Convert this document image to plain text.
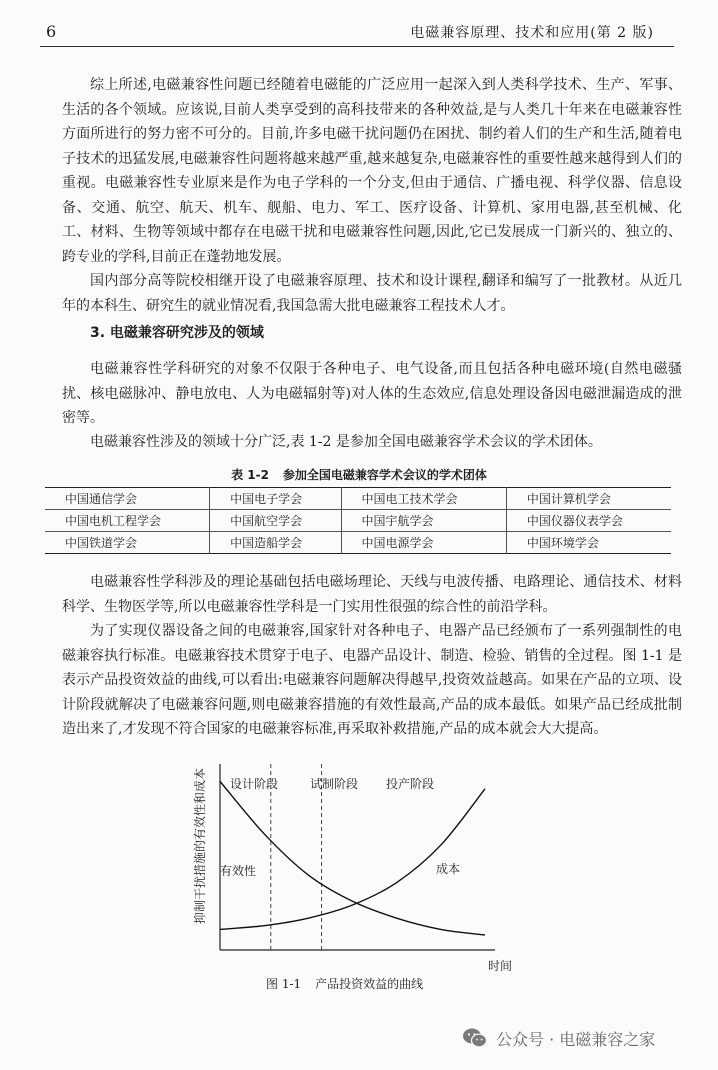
6	电磁兼容原理、技术和应用(第 2 版)

综上所述,电磁兼容性问题已经随着电磁能的广泛应用一起深入到人类科学技术、生产、军事、生活的各个领域。应该说,目前人类享受到的高科技带来的各种效益,是与人类几十年来在电磁兼容性方面所进行的努力密不可分的。目前,许多电磁干扰问题仍在困扰、制约着人们的生产和生活,随着电子技术的迅猛发展,电磁兼容性问题将越来越严重,越来越复杂,电磁兼容性的重要性越来越得到人们的重视。电磁兼容性专业原来是作为电子学科的一个分支,但由于通信、广播电视、科学仪器、信息设备、交通、航空、航天、机车、舰船、电力、军工、医疗设备、计算机、家用电器,甚至机械、化工、材料、生物等领域中都存在电磁干扰和电磁兼容性问题,因此,它已发展成一门新兴的、独立的、跨专业的学科,目前正在蓬勃地发展。

国内部分高等院校相继开设了电磁兼容原理、技术和设计课程,翻译和编写了一批教材。从近几年的本科生、研究生的就业情况看,我国急需大批电磁兼容工程技术人才。

3. 电磁兼容研究涉及的领域

电磁兼容性学科研究的对象不仅限于各种电子、电气设备,而且包括各种电磁环境(自然电磁骚扰、核电磁脉冲、静电放电、人为电磁辐射等)对人体的生态效应,信息处理设备因电磁泄漏造成的泄密等。

电磁兼容性涉及的领域十分广泛,表 1-2 是参加全国电磁兼容学术会议的学术团体。

表 1-2 参加全国电磁兼容学术会议的学术团体

中国通信学会	中国电子学会	中国电工技术学会	中国计算机学会
中国电机工程学会	中国航空学会	中国宇航学会	中国仪器仪表学会
中国铁道学会	中国造船学会	中国电源学会	中国环境学会

电磁兼容性学科涉及的理论基础包括电磁场理论、天线与电波传播、电路理论、通信技术、材料科学、生物医学等,所以电磁兼容性学科是一门实用性很强的综合性的前沿学科。

为了实现仪器设备之间的电磁兼容,国家针对各种电子、电器产品已经颁布了一系列强制性的电磁兼容执行标准。电磁兼容技术贯穿于电子、电器产品设计、制造、检验、销售的全过程。图 1-1 是表示产品投资效益的曲线,可以看出:电磁兼容问题解决得越早,投资效益越高。如果在产品的立项、设计阶段就解决了电磁兼容问题,则电磁兼容措施的有效性最高,产品的成本最低。如果产品已经成批制造出来了,才发现不符合国家的电磁兼容标准,再采取补救措施,产品的成本就会大大提高。

抑制干扰措施的有效性和成本
时间
设计阶段	试制阶段 投产阶段
有效性	成本

图 1-1 产品投资效益的曲线

公众号 · 电磁兼容之家
